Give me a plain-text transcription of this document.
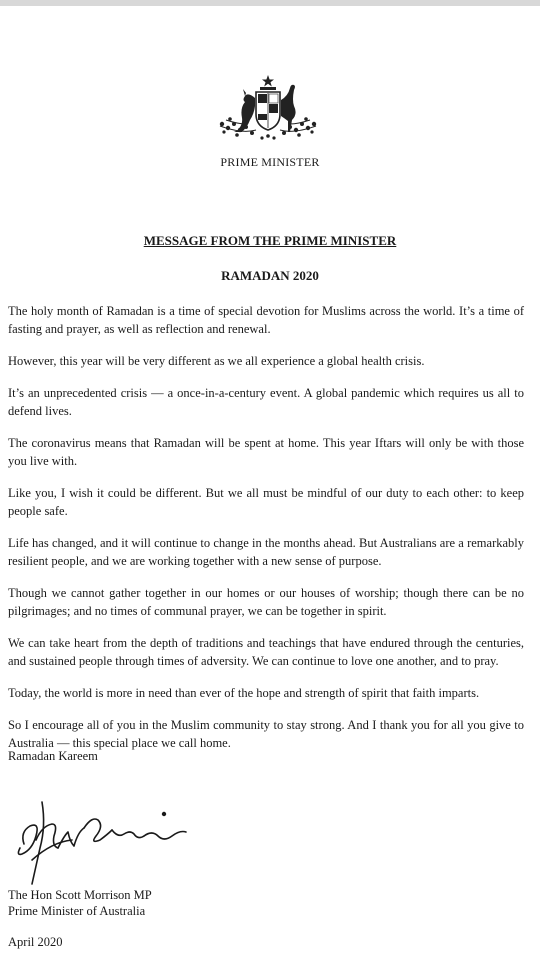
PRIME MINISTER
MESSAGE FROM THE PRIME MINISTER
RAMADAN 2020

The holy month of Ramadan is a time of special devotion for Muslims across the world. It’s a time of fasting and prayer, as well as reflection and renewal.

However, this year will be very different as we all experience a global health crisis.

It’s an unprecedented crisis — a once-in-a-century event. A global pandemic which requires us all to defend lives.

The coronavirus means that Ramadan will be spent at home. This year Iftars will only be with those you live with.

Like you, I wish it could be different. But we all must be mindful of our duty to each other: to keep people safe.

Life has changed, and it will continue to change in the months ahead. But Australians are a remarkably resilient people, and we are working together with a new sense of purpose.

Though we cannot gather together in our homes or our houses of worship; though there can be no pilgrimages; and no times of communal prayer, we can be together in spirit.

We can take heart from the depth of traditions and teachings that have endured through the centuries, and sustained people through times of adversity. We can continue to love one another, and to pray.

Today, the world is more in need than ever of the hope and strength of spirit that faith imparts.

So I encourage all of you in the Muslim community to stay strong. And I thank you for all you give to Australia — this special place we call home.

Ramadan Kareem
The Hon Scott Morrison MP
Prime Minister of Australia
April 2020
